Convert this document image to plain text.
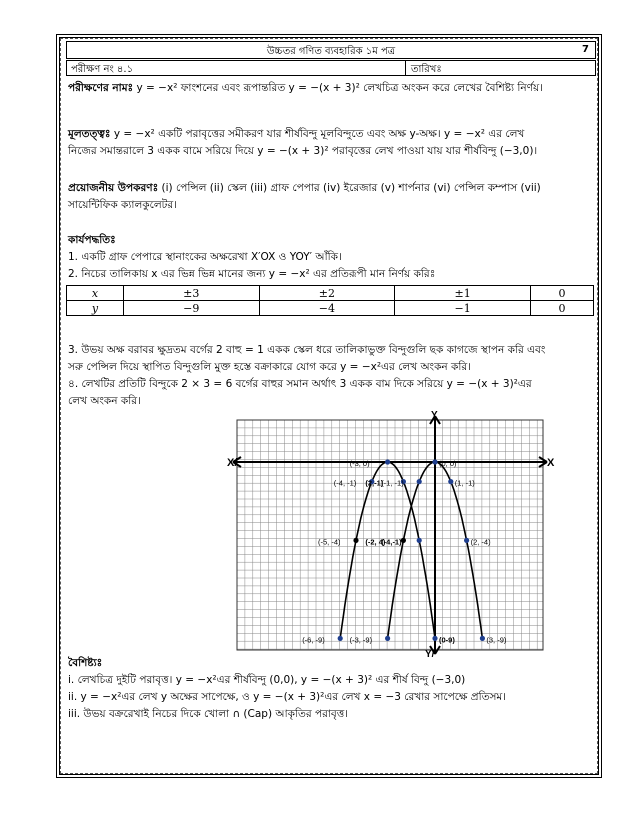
উচ্চতর গণিত ব্যবহারিক ১ম পত্র	7
পরীক্ষণ নং ৪.১	তারিখঃ
পরীক্ষণের নামঃ y = −x² ফাংশনের এবং রূপান্তরিত y = −(x + 3)² লেখচিত্র অংকন করে লেখের বৈশিষ্ট্য নির্ণয়।
মূলতত্ত্বঃ y = −x² একটি পরাবৃত্তের সমীকরণ যার শীর্ষবিন্দু মূলবিন্দুতে এবং অক্ষ y-অক্ষ। y = −x² এর লেখ
নিজের সমান্তরালে 3 একক বামে সরিয়ে দিয়ে y = −(x + 3)² পরাবৃত্তের লেখ পাওয়া যায় যার শীর্ষবিন্দু (−3,0)।
প্রয়োজনীয় উপকরণঃ (i) পেন্সিল (ii) স্কেল (iii) গ্রাফ পেপার (iv) ইরেজার (v) শার্পনার (vi) পেন্সিল কম্পাস (vii)
সায়েন্টিফিক ক্যালকুলেটর।
কার্যপদ্ধতিঃ
1. একটি গ্রাফ পেপারে স্থানাংকের অক্ষরেখা X′OX ও YOY′ আঁকি।
2. নিচের তালিকায় x এর ভিন্ন ভিন্ন মানের জন্য y = −x² এর প্রতিরূপী মান নির্ণয় করিঃ
x	±3	±2	±1	0
y	−9	−4	−1	0
3. উভয় অক্ষ বরাবর ক্ষুদ্রতম বর্গের 2 বাহু = 1 একক স্কেল ধরে তালিকাভুক্ত বিন্দুগুলি ছক কাগজে স্থাপন করি এবং
সরু পেন্সিল দিয়ে স্থাপিত বিন্দুগুলি মুক্ত হস্তে বক্রাকারে যোগ করে y = −x²এর লেখ অংকন করি।
৪. লেখটির প্রতিটি বিন্দুকে 2 × 3 = 6 বর্গের বাহুর সমান অর্থাৎ 3 একক বাম দিকে সরিয়ে y = −(x + 3)²এর
লেখ অংকন করি।
(-3, 0)	(0, 0)
(-4, -1) (2,-1)
(-1, -1)	(1, -1)
(-5, -4)	(-2, 4)
(-4,-1)	(2, -4)
(-6, -9)	(-3, -9)	(0-9)	(3, -9)
X
X/
Y
Y/
বৈশিষ্ট্যঃ
i. লেখচিত্র দুইটি পরাবৃত্ত। y = −x²এর শীর্ষবিন্দু (0,0), y = −(x + 3)² এর শীর্ষ বিন্দু (−3,0)
ii. y = −x²এর লেখ y অক্ষের সাপেক্ষে, ও y = −(x + 3)²এর লেখ x = −3 রেখার সাপেক্ষে প্রতিসম।
iii. উভয় বক্ররেখাই নিচের দিকে খোলা ∩ (Cap) আকৃতির পরাবৃত্ত।
